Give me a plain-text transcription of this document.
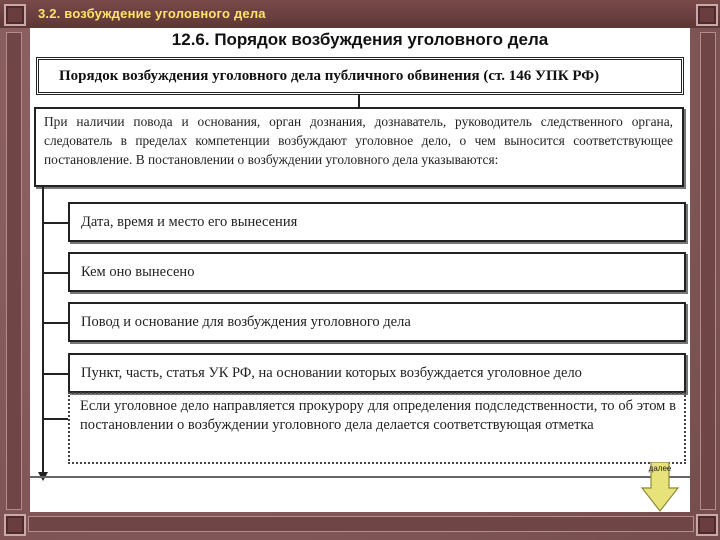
3.2. возбуждение уголовного дела
12.6. Порядок возбуждения уголовного дела
Порядок возбуждения уголовного дела публичного обвинения (ст. 146 УПК РФ)
При наличии повода и основания, орган дознания, дознаватель, руководитель следственного органа, следователь в пределах компетенции возбуждают уголовное дело, о чем выносится соответствующее постановление. В постановлении о возбуждении уголовного дела указываются:
Дата, время и место его вынесения
Кем оно вынесено
Повод и основание для возбуждения уголовного дела
Пункт, часть, статья УК РФ, на основании которых возбуждается уголовное дело
Если уголовное дело направляется прокурору для определения подследственности, то об этом в постановлении о возбуждении уголовного дела делается соответствующая отметка
далее
